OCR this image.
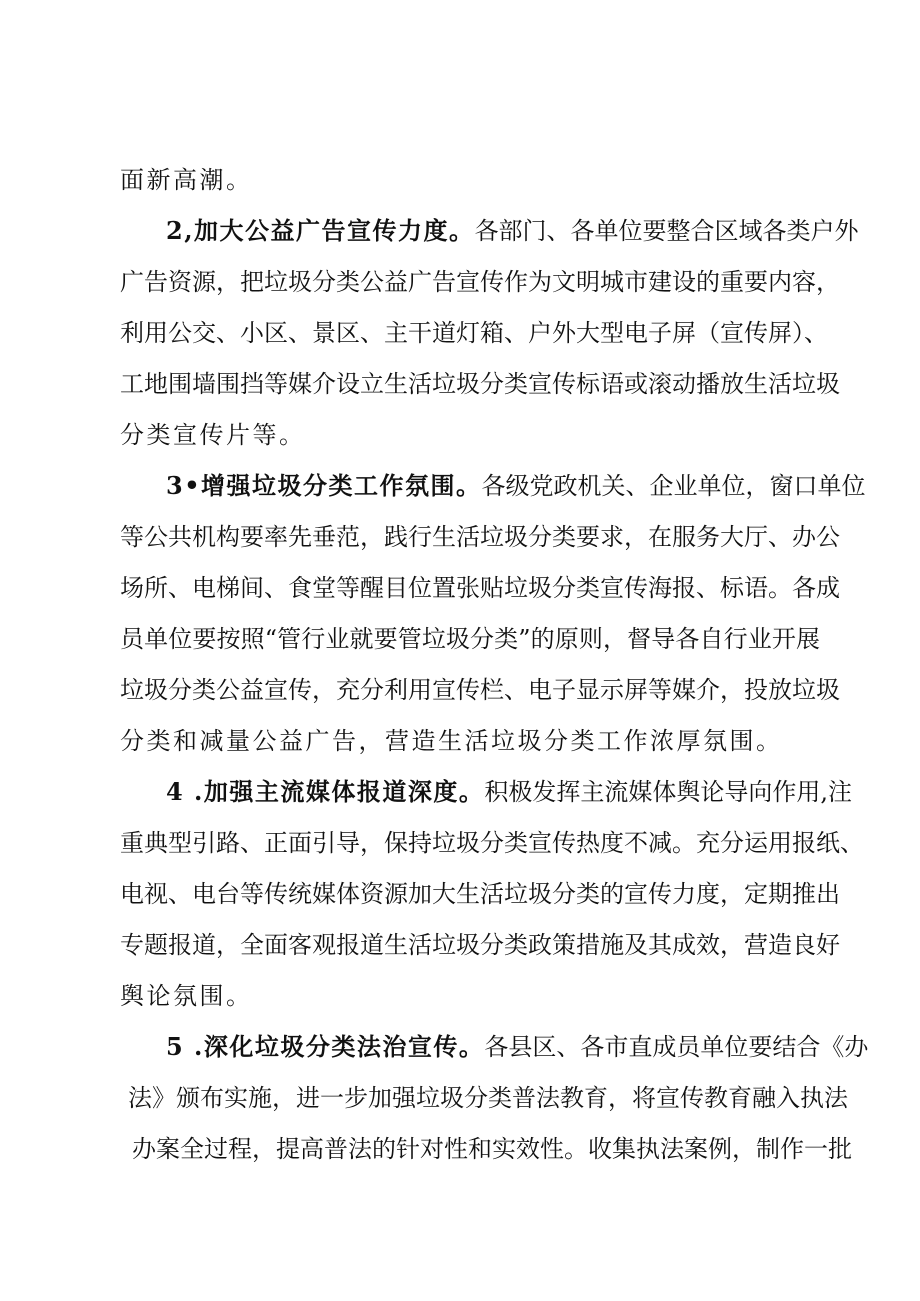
面新高潮。
2,加大公益广告宣传力度。各部门、各单位要整合区域各类户外
广告资源，把垃圾分类公益广告宣传作为文明城市建设的重要内容，
利用公交、小区、景区、主干道灯箱、户外大型电子屏（宣传屏）、
工地围墙围挡等媒介设立生活垃圾分类宣传标语或滚动播放生活垃圾
分类宣传片等。
3•增强垃圾分类工作氛围。各级党政机关、企业单位，窗口单位
等公共机构要率先垂范，践行生活垃圾分类要求，在服务大厅、办公
场所、电梯间、食堂等醒目位置张贴垃圾分类宣传海报、标语。各成
员单位要按照“管行业就要管垃圾分类”的原则，督导各自行业开展
垃圾分类公益宣传，充分利用宣传栏、电子显示屏等媒介，投放垃圾
分类和减量公益广告，营造生活垃圾分类工作浓厚氛围。
4 .加强主流媒体报道深度。积极发挥主流媒体舆论导向作用,注
重典型引路、正面引导，保持垃圾分类宣传热度不减。充分运用报纸、
电视、电台等传统媒体资源加大生活垃圾分类的宣传力度，定期推出
专题报道，全面客观报道生活垃圾分类政策措施及其成效，营造良好
舆论氛围。
5 .深化垃圾分类法治宣传。各县区、各市直成员单位要结合《办
法》颁布实施，进一步加强垃圾分类普法教育，将宣传教育融入执法
办案全过程，提高普法的针对性和实效性。收集执法案例，制作一批
